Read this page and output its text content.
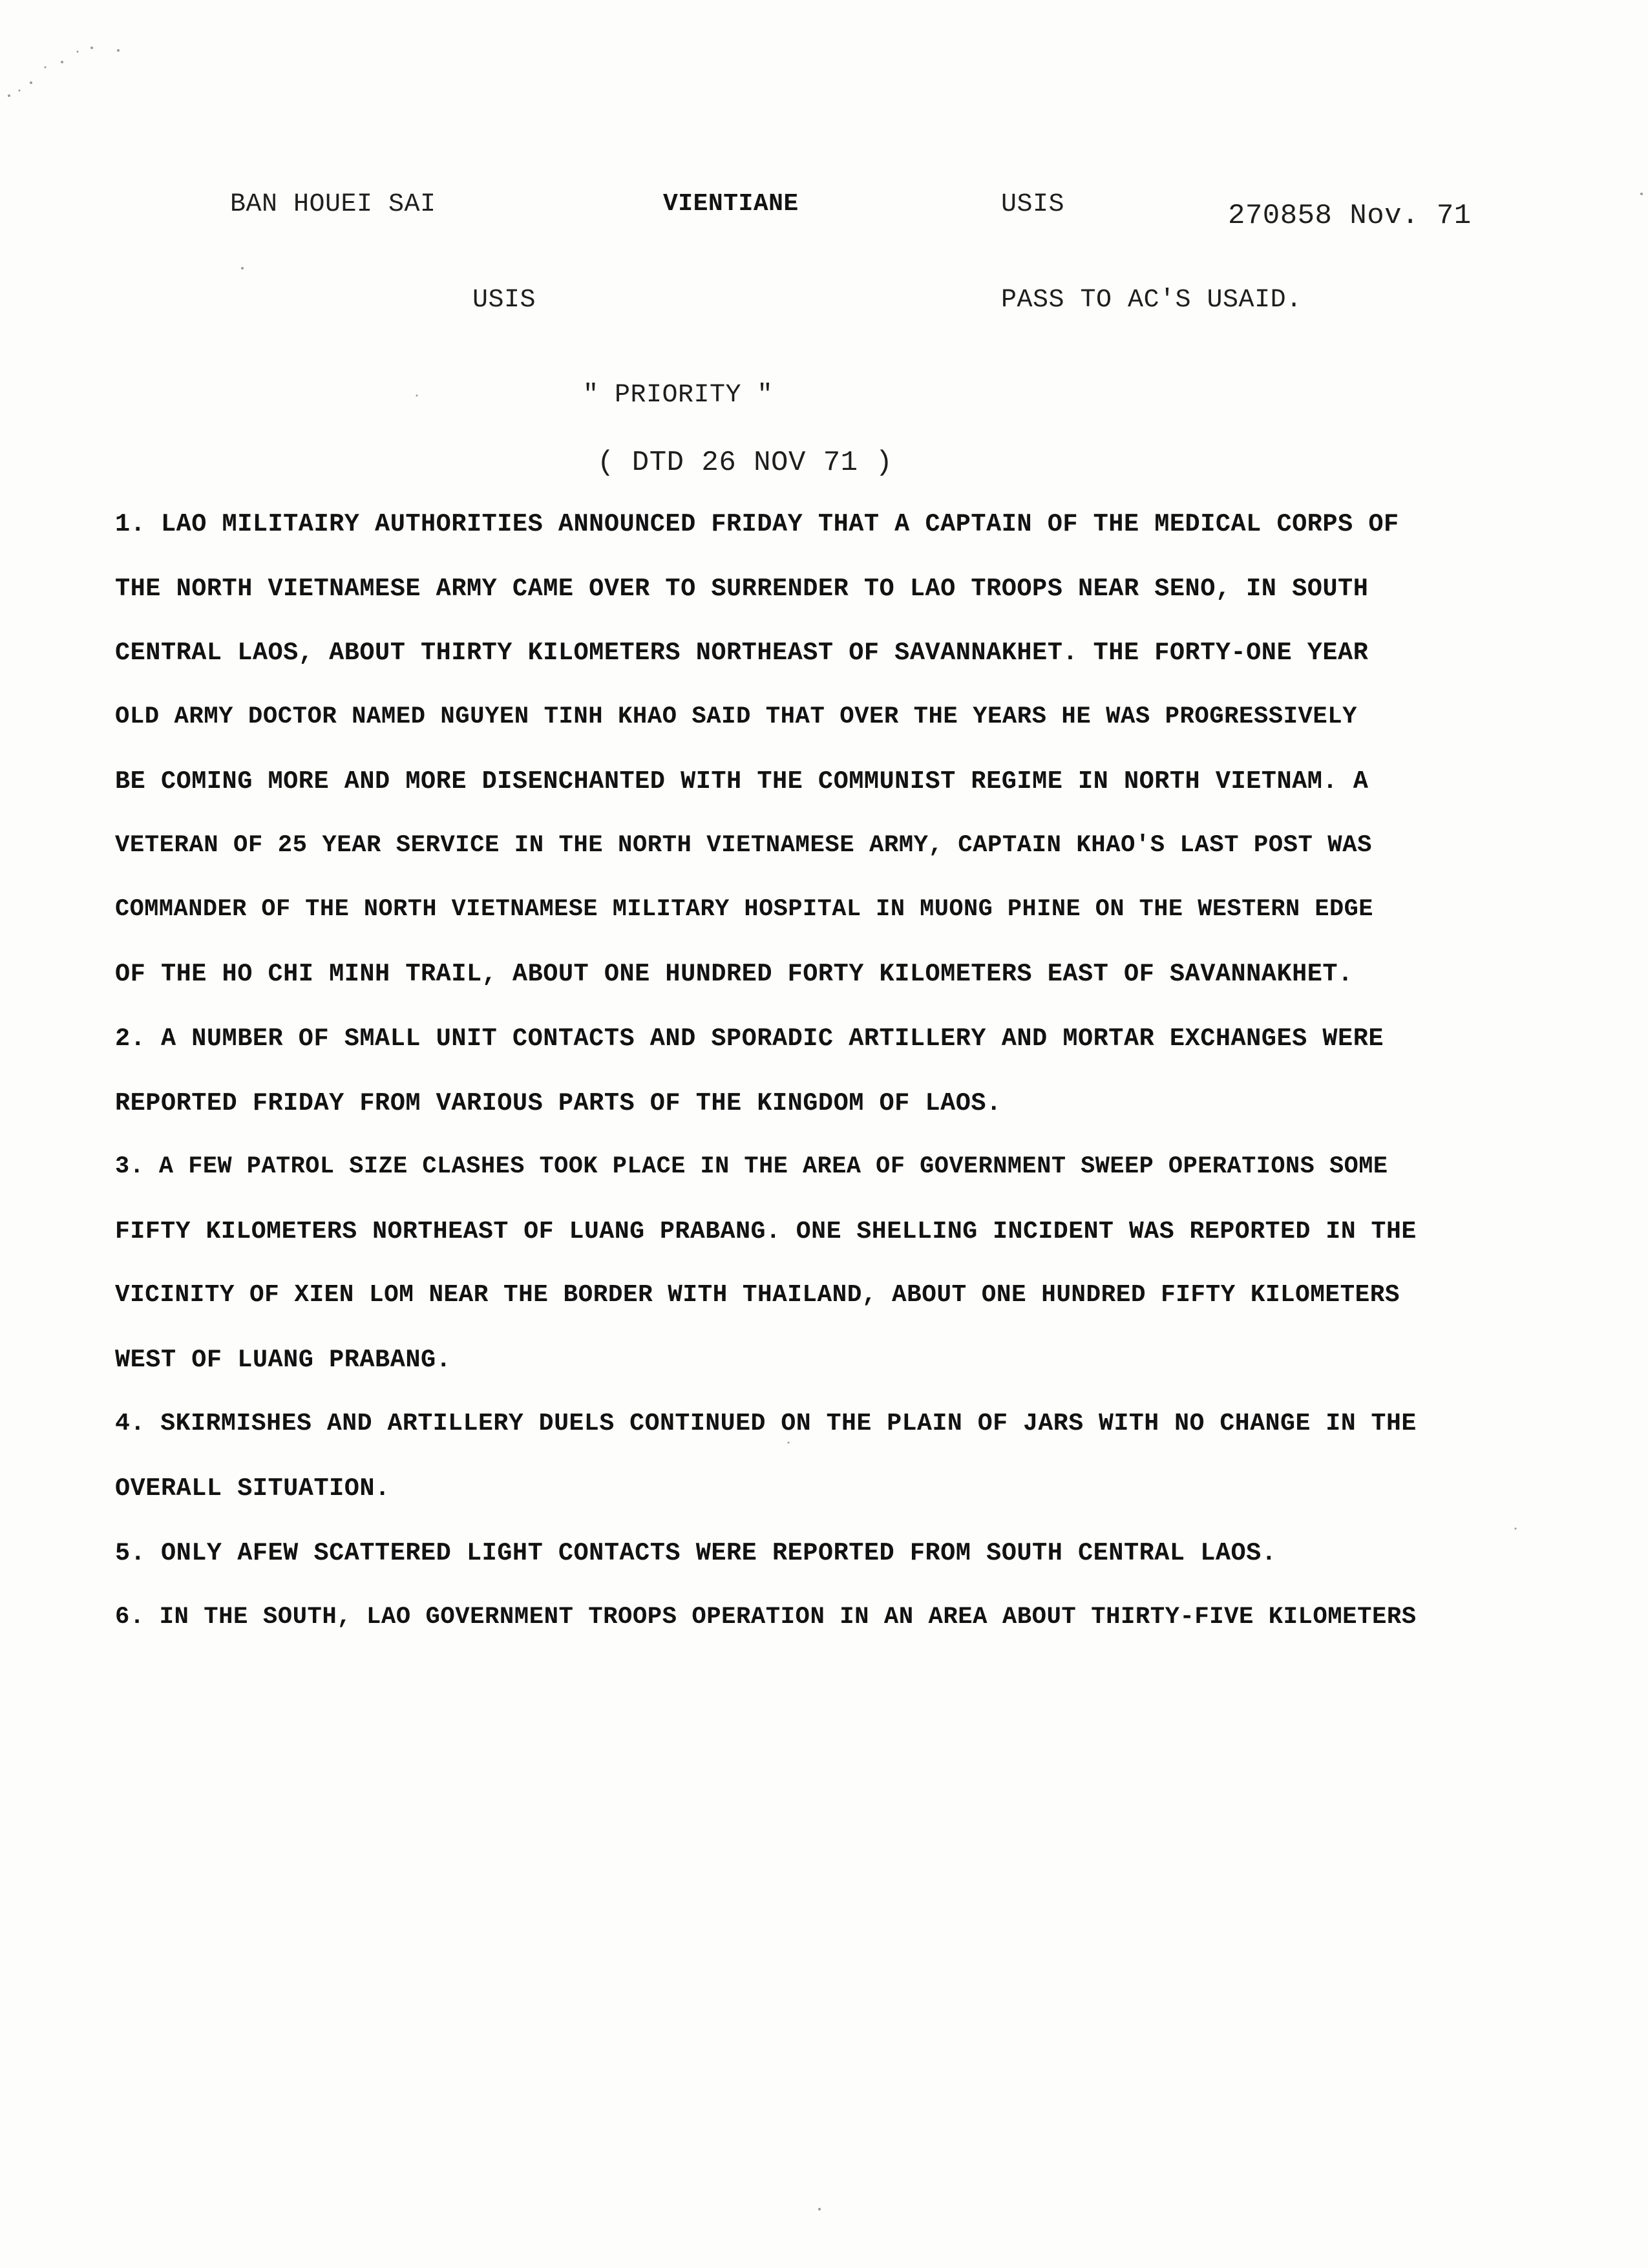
BAN HOUEI SAI	VIENTIANE	USIS	270858 Nov. 71
USIS	PASS TO AC'S USAID.
" PRIORITY "
( DTD 26 NOV 71 )
1. LAO MILITAIRY AUTHORITIES ANNOUNCED FRIDAY THAT A CAPTAIN OF THE MEDICAL CORPS OF
THE NORTH VIETNAMESE ARMY CAME OVER TO SURRENDER TO LAO TROOPS NEAR SENO, IN SOUTH
CENTRAL LAOS, ABOUT THIRTY KILOMETERS NORTHEAST OF SAVANNAKHET. THE FORTY-ONE YEAR
OLD ARMY DOCTOR NAMED NGUYEN TINH KHAO SAID THAT OVER THE YEARS HE WAS PROGRESSIVELY
BE COMING MORE AND MORE DISENCHANTED WITH THE COMMUNIST REGIME IN NORTH VIETNAM. A
VETERAN OF 25 YEAR SERVICE IN THE NORTH VIETNAMESE ARMY, CAPTAIN KHAO'S LAST POST WAS
COMMANDER OF THE NORTH VIETNAMESE MILITARY HOSPITAL IN MUONG PHINE ON THE WESTERN EDGE
OF THE HO CHI MINH TRAIL, ABOUT ONE HUNDRED FORTY KILOMETERS EAST OF SAVANNAKHET.
2. A NUMBER OF SMALL UNIT CONTACTS AND SPORADIC ARTILLERY AND MORTAR EXCHANGES WERE
REPORTED FRIDAY FROM VARIOUS PARTS OF THE KINGDOM OF LAOS.
3. A FEW PATROL SIZE CLASHES TOOK PLACE IN THE AREA OF GOVERNMENT SWEEP OPERATIONS SOME
FIFTY KILOMETERS NORTHEAST OF LUANG PRABANG. ONE SHELLING INCIDENT WAS REPORTED IN THE
VICINITY OF XIEN LOM NEAR THE BORDER WITH THAILAND, ABOUT ONE HUNDRED FIFTY KILOMETERS
WEST OF LUANG PRABANG.
4. SKIRMISHES AND ARTILLERY DUELS CONTINUED ON THE PLAIN OF JARS WITH NO CHANGE IN THE
OVERALL SITUATION.
5. ONLY AFEW SCATTERED LIGHT CONTACTS WERE REPORTED FROM SOUTH CENTRAL LAOS.
6. IN THE SOUTH, LAO GOVERNMENT TROOPS OPERATION IN AN AREA ABOUT THIRTY-FIVE KILOMETERS
